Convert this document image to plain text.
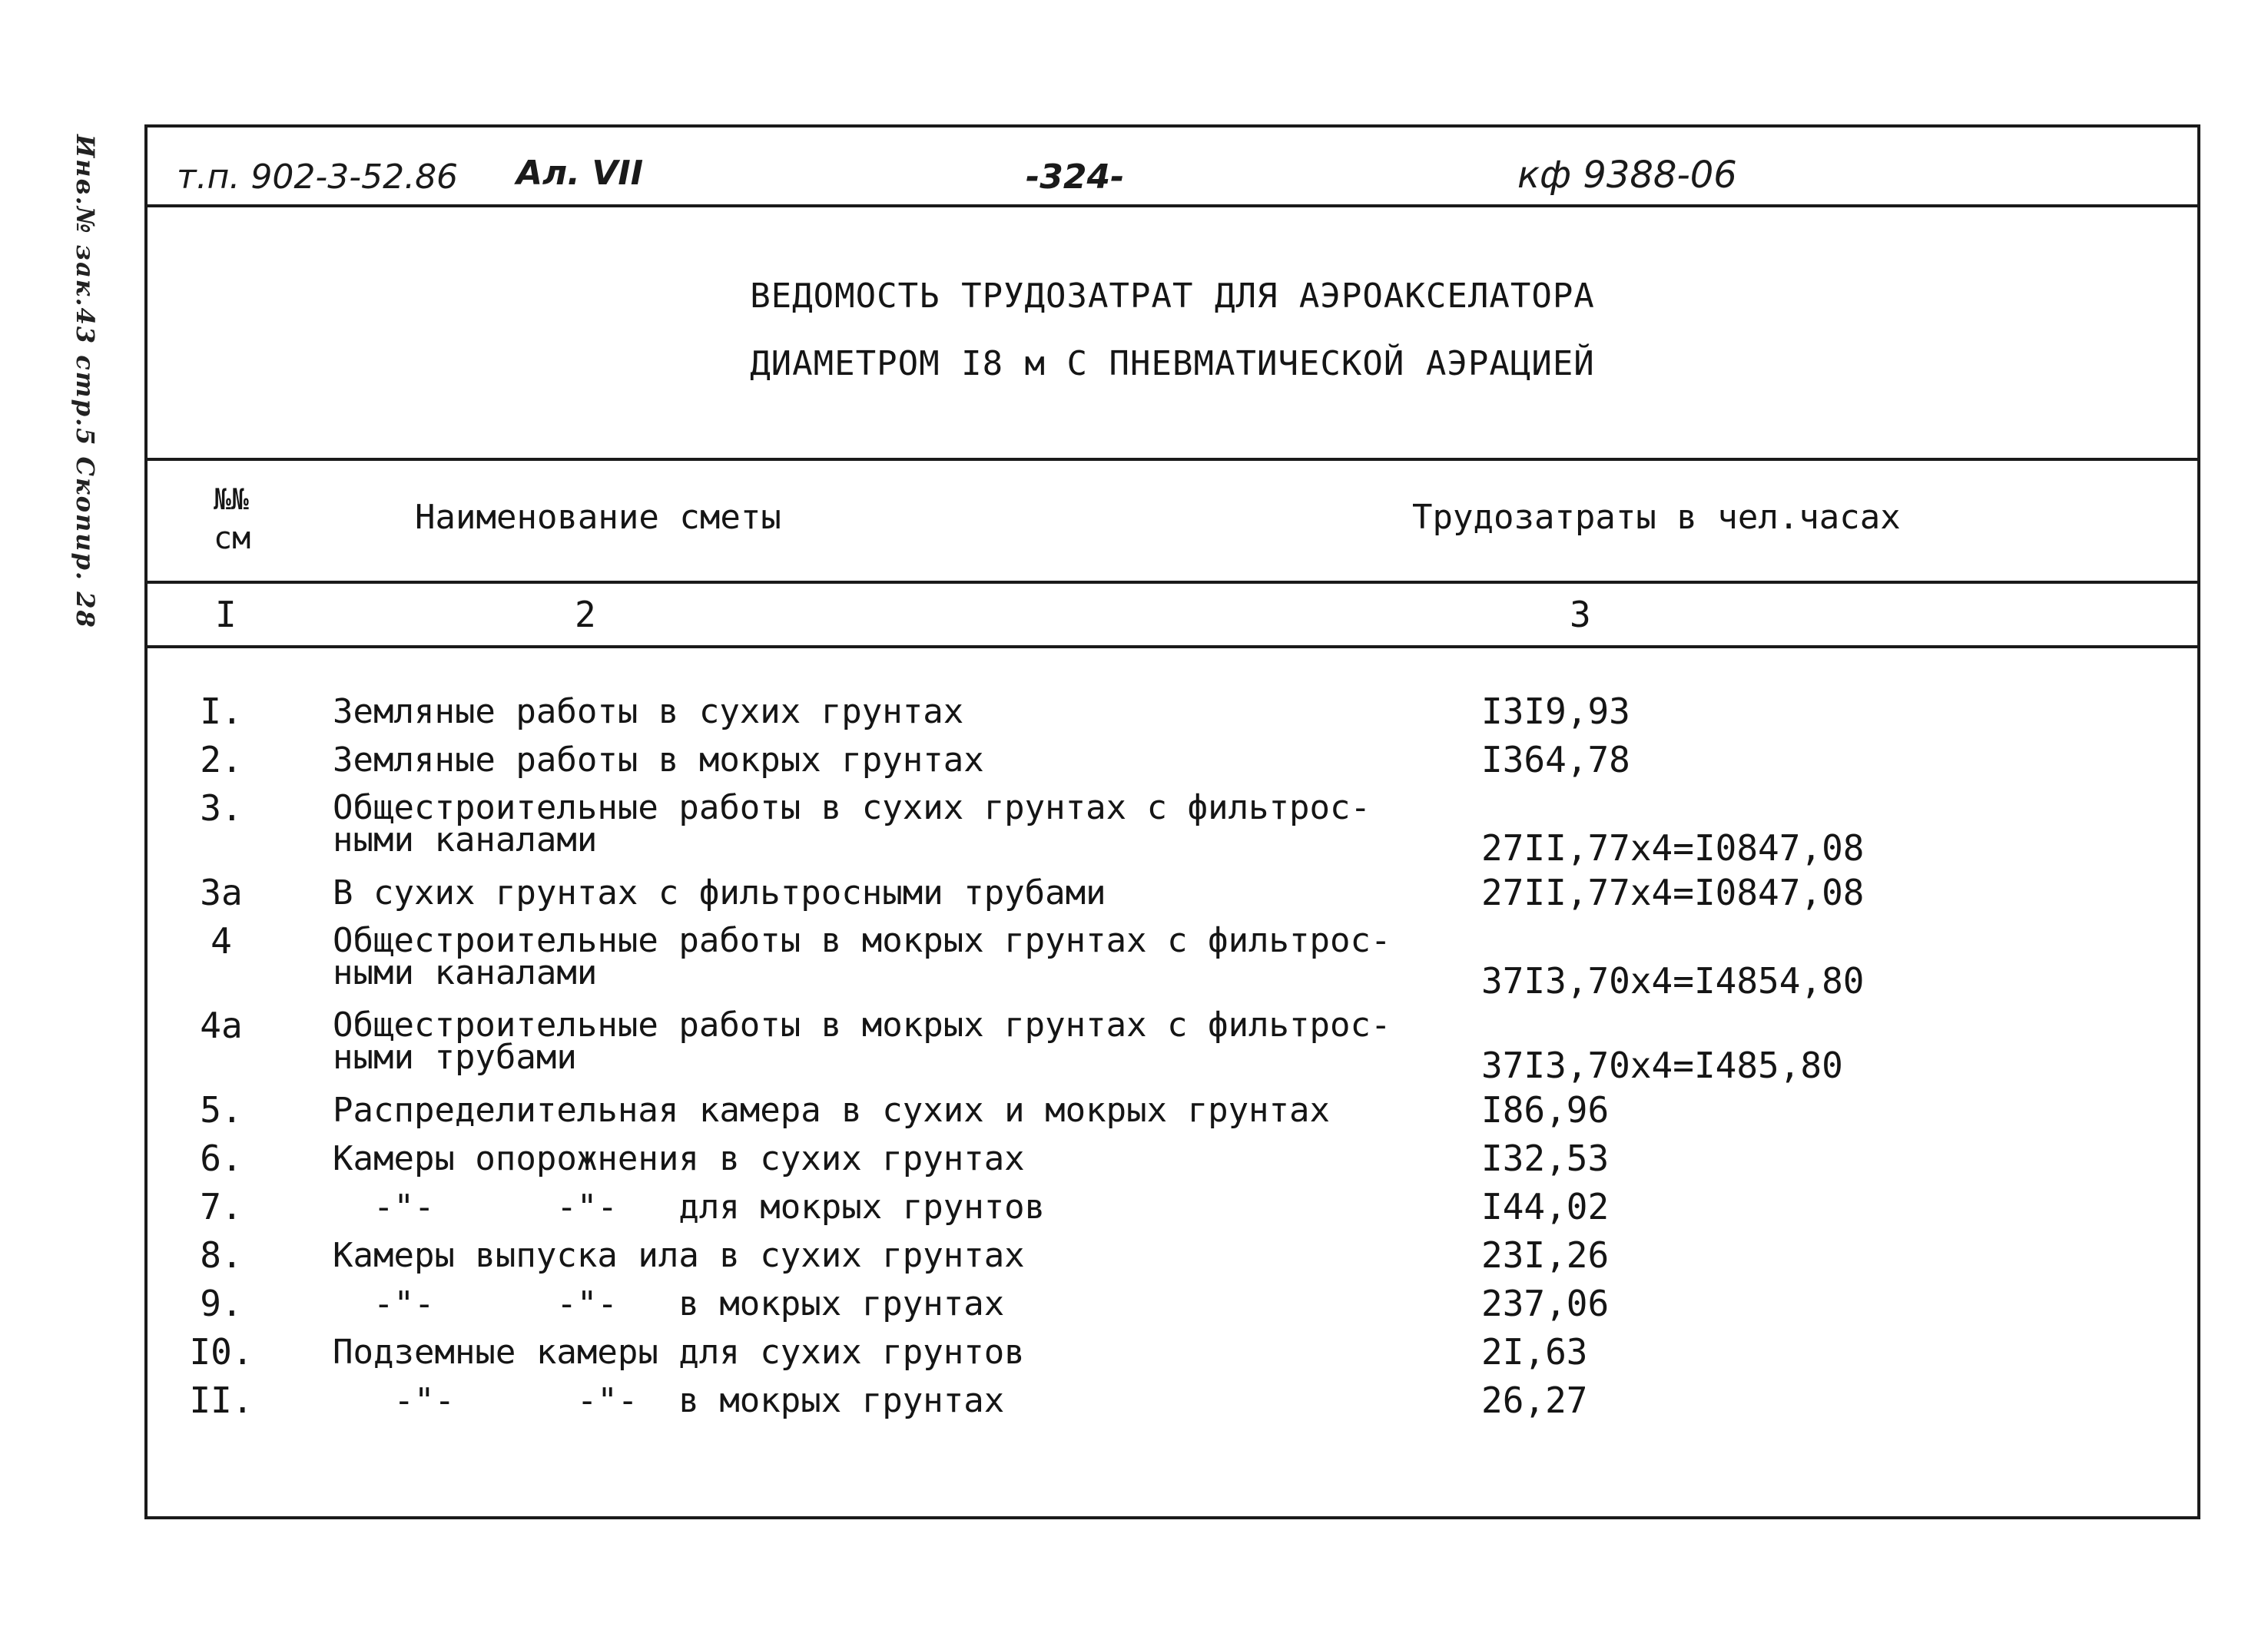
Инв.№ зак.43 стр.5 Скопир. 28 т.п. 902-3-52.86 Ал. VII	-324-	кф 9388-06
ВЕДОМОСТЬ ТРУДОЗАТРАТ ДЛЯ АЭРОАКСЕЛАТОРА
ДИАМЕТРОМ I8 м С ПНЕВМАТИЧЕСКОЙ АЭРАЦИЕЙ
№№
см
Наименование сметы	Трудозатраты в чел.часах
I	2	3
I.	Земляные работы в сухих грунтах	I3I9,93
2.	Земляные работы в мокрых грунтах	I364,78
3.	Общестроительные работы в сухих грунтах с фильтрос-
ными каналами	27II,77x4=I0847,08
3а	В сухих грунтах с фильтросными трубами	27II,77x4=I0847,08
4	Общестроительные работы в мокрых грунтах с фильтрос-
ными каналами	37I3,70x4=I4854,80
4а	Общестроительные работы в мокрых грунтах с фильтрос-
ными трубами	37I3,70x4=I485,80
5.	Распределительная камера в сухих и мокрых грунтах	I86,96
6.	Камеры опорожнения в сухих грунтах	I32,53
7.	-"-      -"-   для мокрых грунтов	I44,02
8.	Камеры выпуска ила в сухих грунтах	23I,26
9.	-"-      -"-   в мокрых грунтах	237,06
I0.	Подземные камеры для сухих грунтов	2I,63
II.	-"-      -"-  в мокрых грунтах	26,27
